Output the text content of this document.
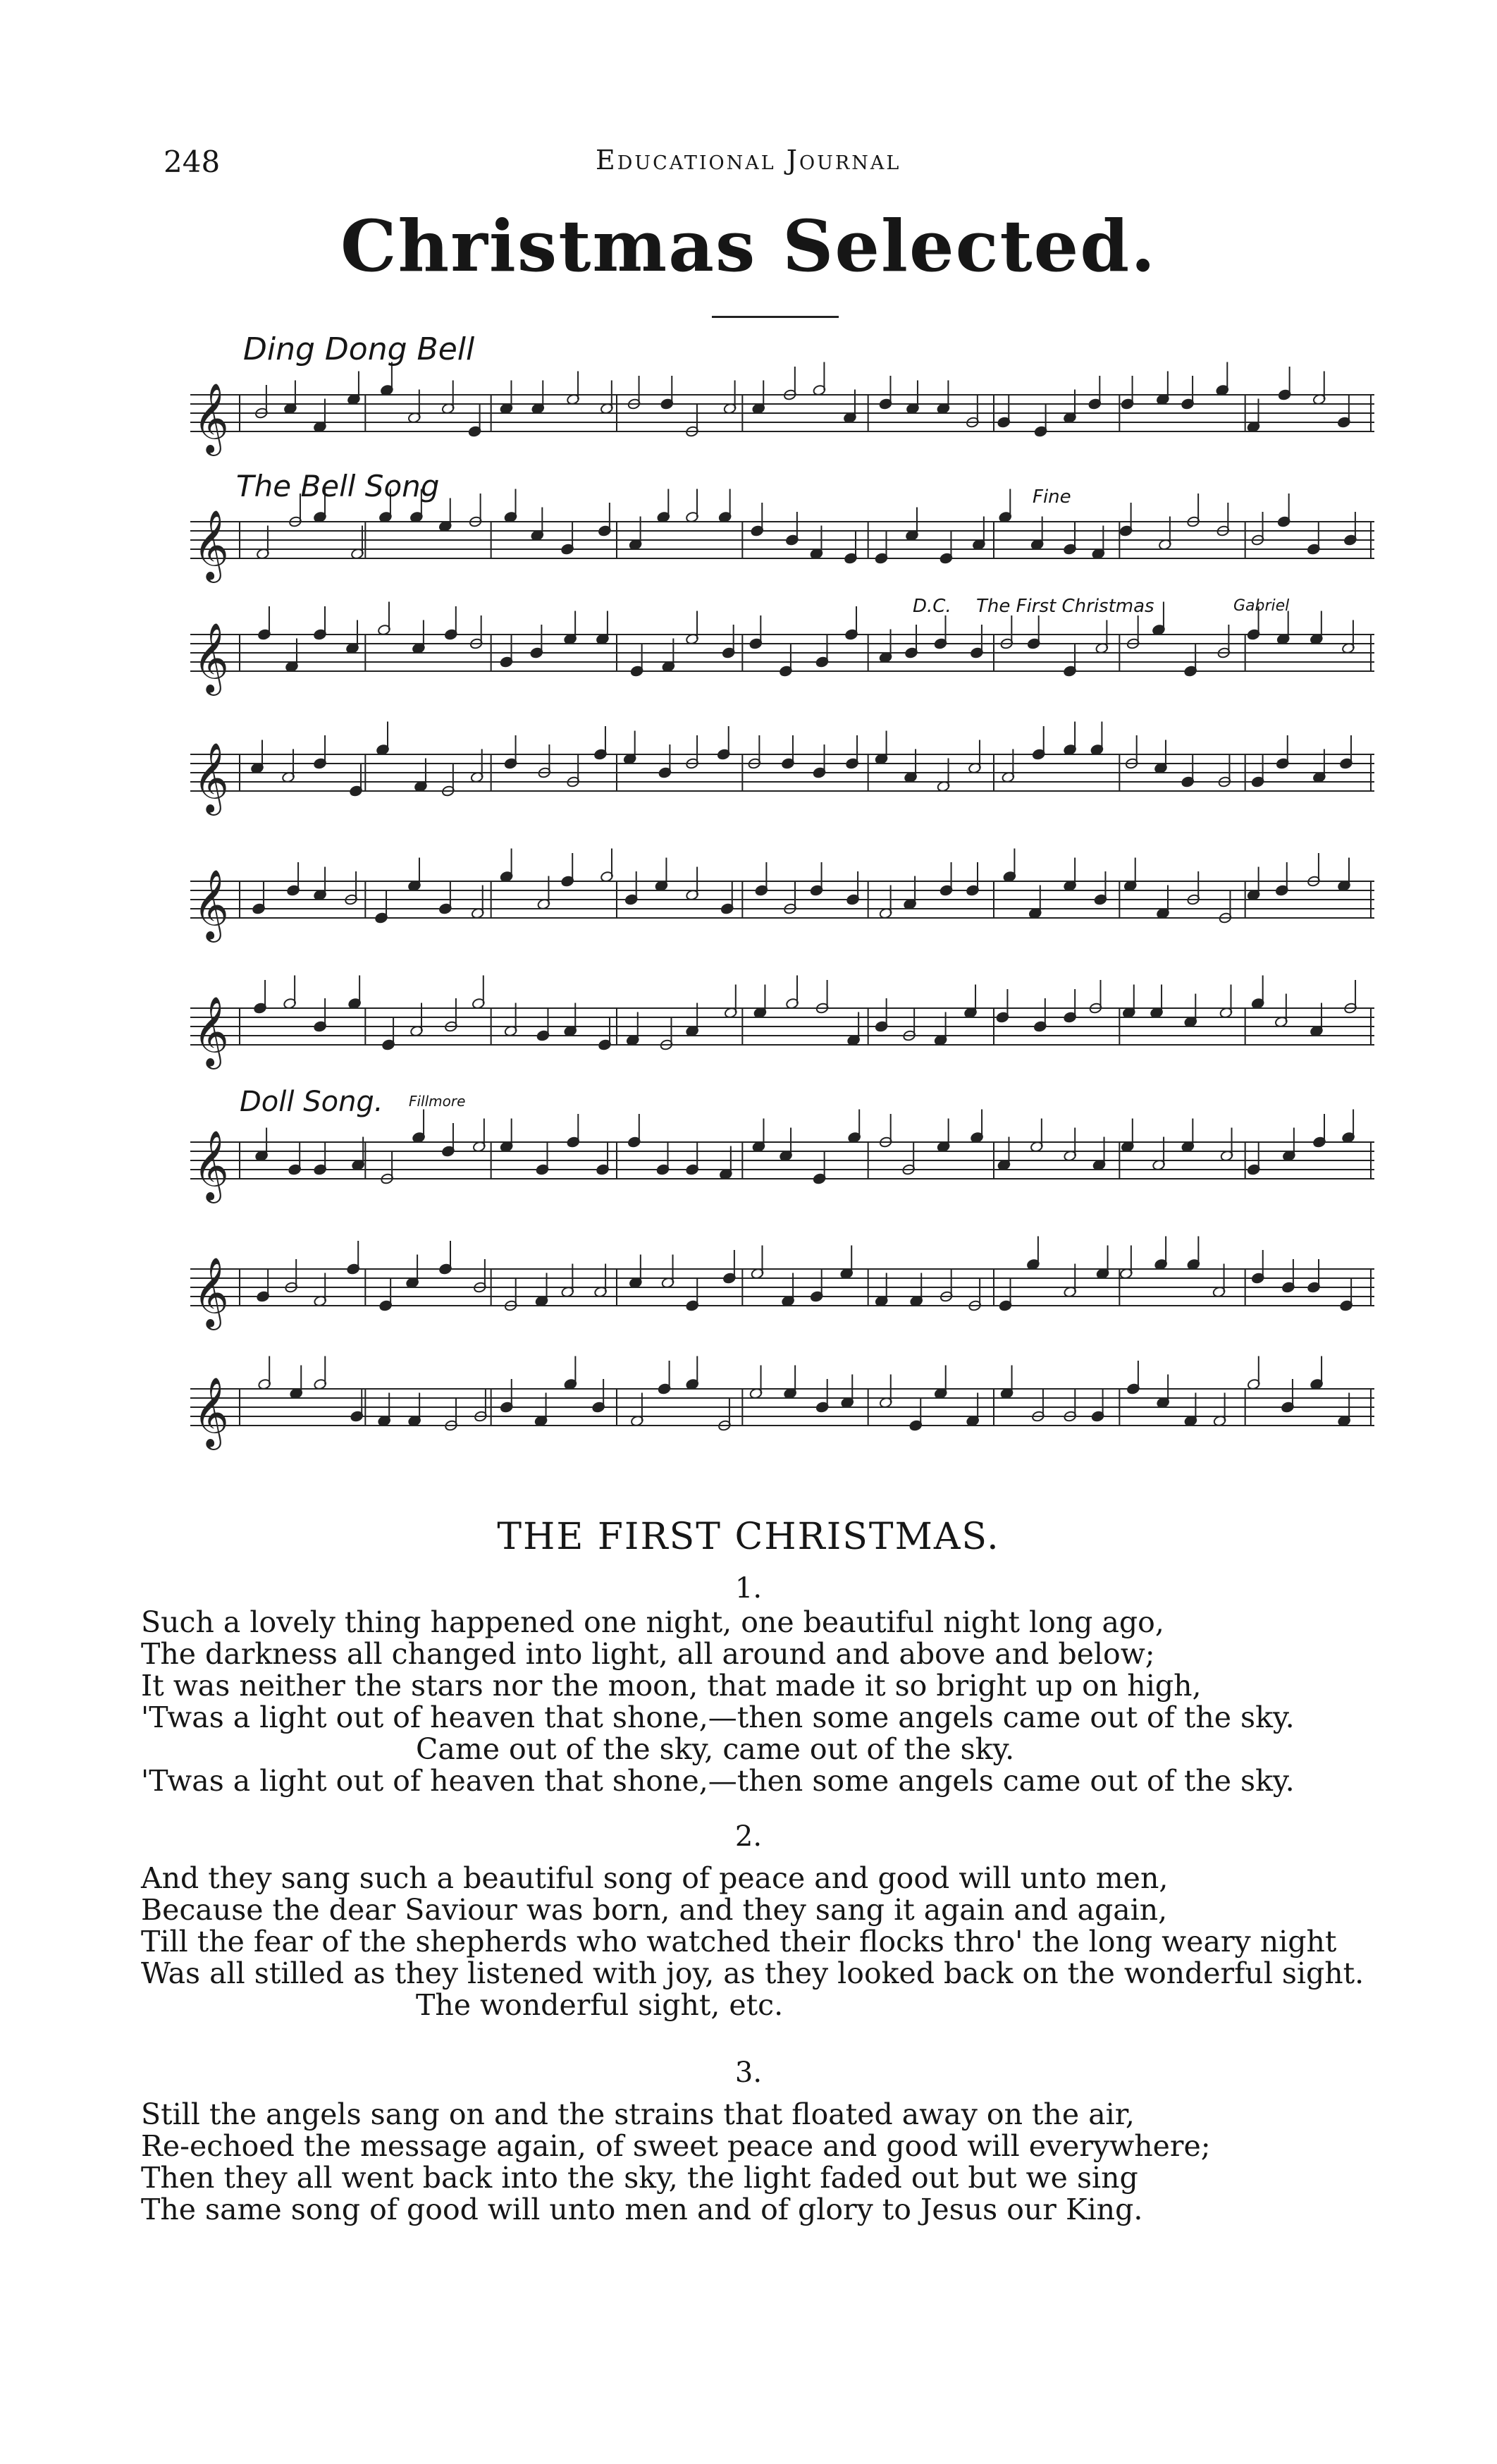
248	Educational Journal
Christmas Selected.
𝄞
𝄞
𝄞
𝄞
𝄞
𝄞
𝄞
𝄞
𝄞
Ding Dong Bell
The Bell Song	Fine
D.C. The First Christmas	Gabriel
Doll Song. Fillmore
THE FIRST CHRISTMAS.
1.
Such a lovely thing happened one night, one beautiful night long ago,
The darkness all changed into light, all around and above and below;
It was neither the stars nor the moon, that made it so bright up on high,
'Twas a light out of heaven that shone,—then some angels came out of the sky.
Came out of the sky, came out of the sky.
'Twas a light out of heaven that shone,—then some angels came out of the sky.
2.
And they sang such a beautiful song of peace and good will unto men,
Because the dear Saviour was born, and they sang it again and again,
Till the fear of the shepherds who watched their flocks thro' the long weary night
Was all stilled as they listened with joy, as they looked back on the wonderful sight.
The wonderful sight, etc.
3.
Still the angels sang on and the strains that floated away on the air,
Re-echoed the message again, of sweet peace and good will everywhere;
Then they all went back into the sky, the light faded out but we sing
The same song of good will unto men and of glory to Jesus our King.
